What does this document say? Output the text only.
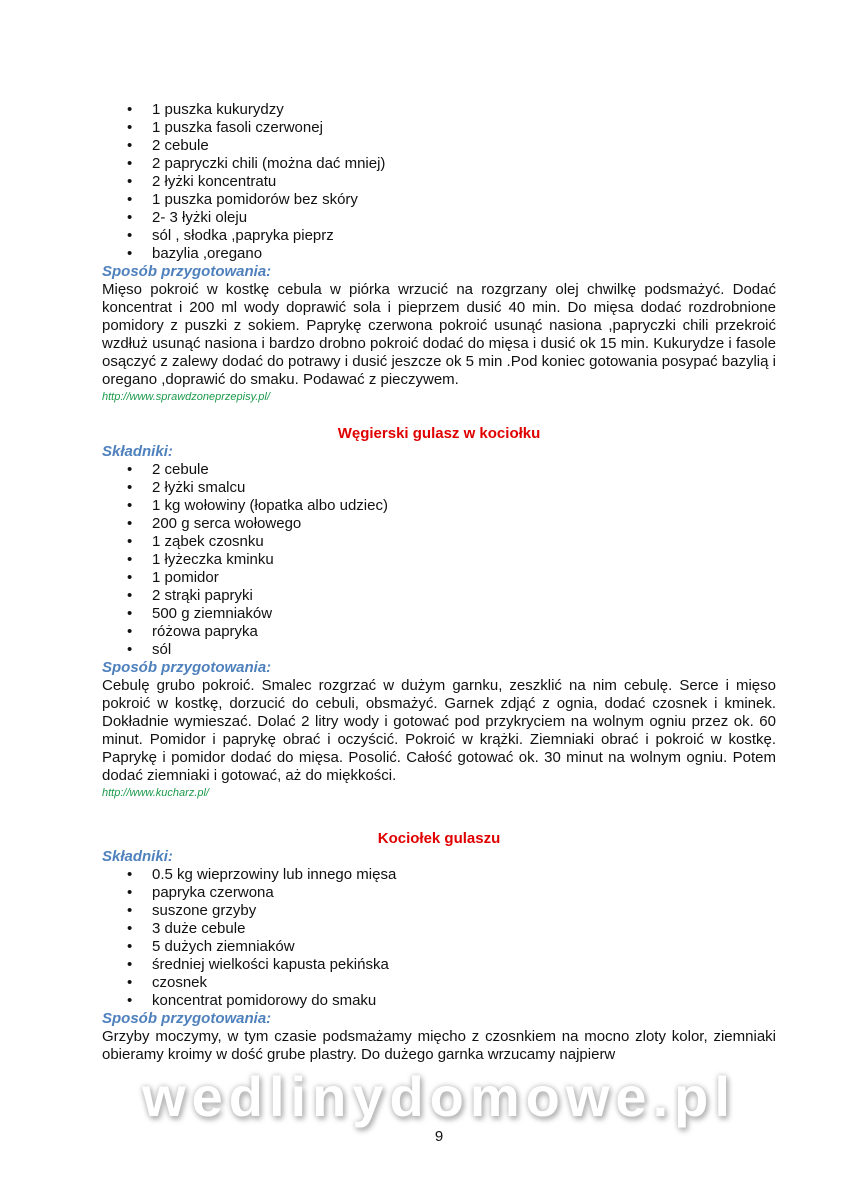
• 1 puszka kukurydzy
• 1 puszka fasoli czerwonej
• 2 cebule
• 2 papryczki chili (można dać mniej)
• 2 łyżki koncentratu
• 1 puszka pomidorów bez skóry
• 2- 3 łyżki oleju
• sól , słodka ,papryka pieprz
• bazylia ,oregano
Sposób przygotowania:

Mięso pokroić w kostkę cebula w piórka wrzucić na rozgrzany olej chwilkę podsmażyć. Dodać koncentrat i 200 ml wody doprawić sola i pieprzem dusić 40 min. Do mięsa dodać rozdrobnione pomidory z puszki z sokiem. Paprykę czerwona pokroić usunąć nasiona ,papryczki chili przekroić wzdłuż usunąć nasiona i bardzo drobno pokroić dodać do mięsa i dusić ok 15 min. Kukurydze i fasole osączyć z zalewy dodać do potrawy i dusić jeszcze ok 5 min .Pod koniec gotowania posypać bazylią i oregano ,doprawić do smaku. Podawać z pieczywem.

http://www.sprawdzoneprzepisy.pl/
Węgierski gulasz w kociołku
Składniki:
• 2 cebule
• 2 łyżki smalcu
• 1 kg wołowiny (łopatka albo udziec)
• 200 g serca wołowego
• 1 ząbek czosnku
• 1 łyżeczka kminku
• 1 pomidor
• 2 strąki papryki
• 500 g ziemniaków
• różowa papryka
• sól
Sposób przygotowania:

Cebulę grubo pokroić. Smalec rozgrzać w dużym garnku, zeszklić na nim cebulę. Serce i mięso pokroić w kostkę, dorzucić do cebuli, obsmażyć. Garnek zdjąć z ognia, dodać czosnek i kminek. Dokładnie wymieszać. Dolać 2 litry wody i gotować pod przykryciem na wolnym ogniu przez ok. 60 minut. Pomidor i paprykę obrać i oczyścić. Pokroić w krążki. Ziemniaki obrać i pokroić w kostkę. Paprykę i pomidor dodać do mięsa. Posolić. Całość gotować ok. 30 minut na wolnym ogniu. Potem dodać ziemniaki i gotować, aż do miękkości.

http://www.kucharz.pl/
Kociołek gulaszu
Składniki:
• 0.5 kg wieprzowiny lub innego mięsa
• papryka czerwona
• suszone grzyby
• 3 duże cebule
• 5 dużych ziemniaków
• średniej wielkości kapusta pekińska
• czosnek
• koncentrat pomidorowy do smaku
Sposób przygotowania:

Grzyby moczymy, w tym czasie podsmażamy mięcho z czosnkiem na mocno zloty kolor, ziemniaki obieramy kroimy w dość grube plastry. Do dużego garnka wrzucamy najpierw

wedlinydomowe.pl
9
